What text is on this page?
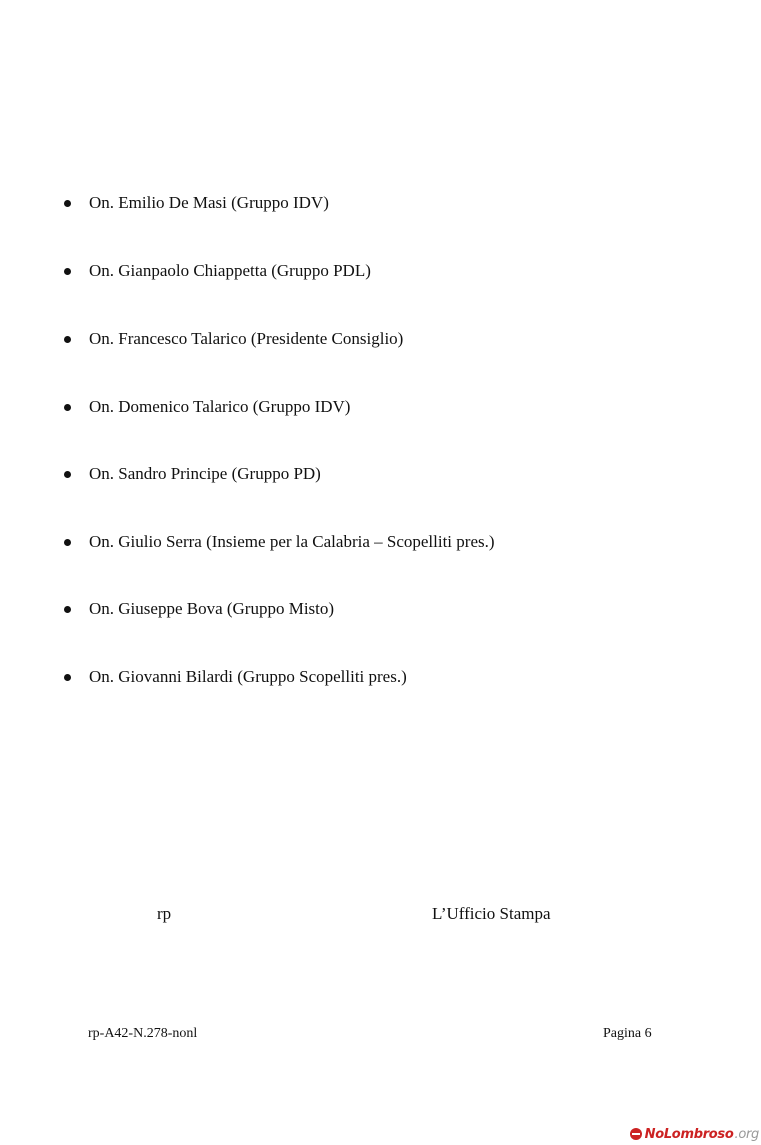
On. Emilio De Masi (Gruppo IDV)
On. Gianpaolo Chiappetta (Gruppo PDL)
On. Francesco Talarico (Presidente Consiglio)
On. Domenico Talarico (Gruppo IDV)
On. Sandro Principe (Gruppo PD)
On. Giulio Serra (Insieme per la Calabria – Scopelliti pres.)
On. Giuseppe Bova (Gruppo Misto)
On. Giovanni Bilardi (Gruppo Scopelliti pres.)
rp	L’Ufficio Stampa
rp-A42-N.278-nonl	Pagina 6
No Lombroso .org
